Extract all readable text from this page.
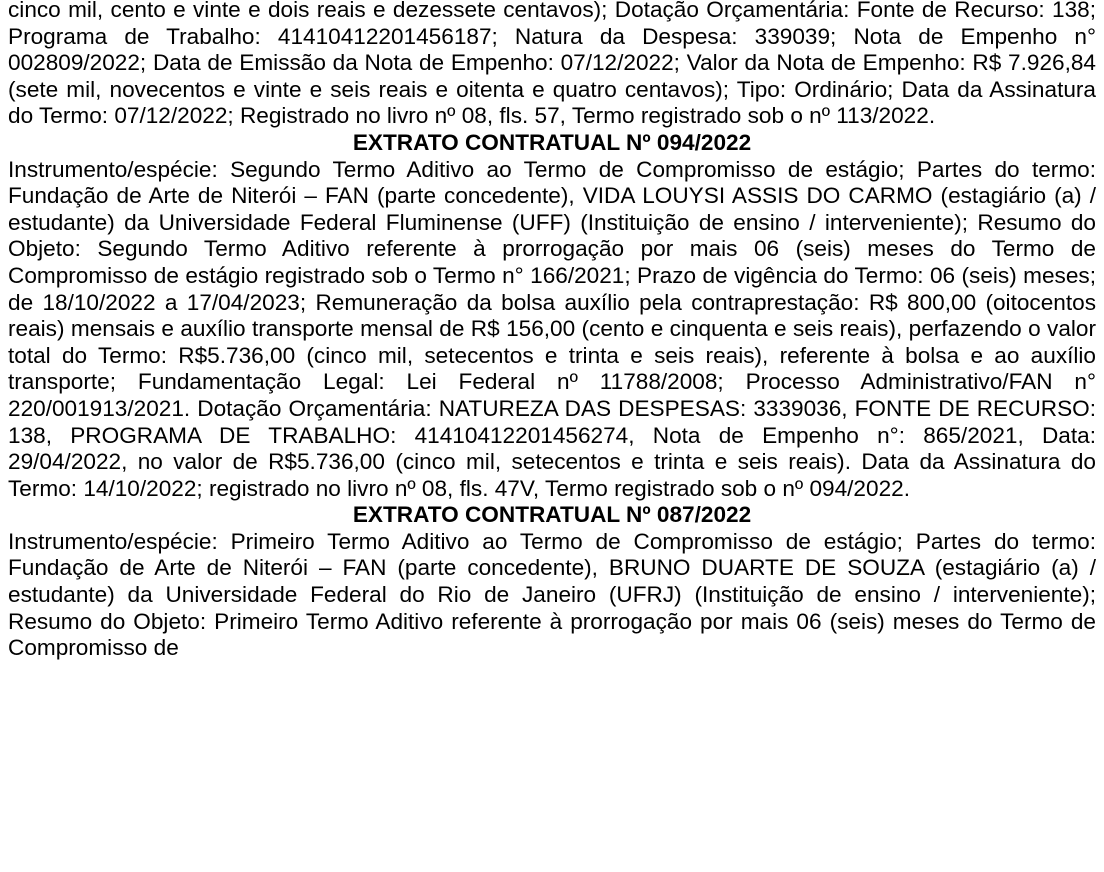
cinco mil, cento e vinte e dois reais e dezessete centavos); Dotação Orçamentária: Fonte de Recurso: 138; Programa de Trabalho: 41410412201456187; Natura da Despesa: 339039; Nota de Empenho n° 002809/2022; Data de Emissão da Nota de Empenho: 07/12/2022; Valor da Nota de Empenho: R$ 7.926,84 (sete mil, novecentos e vinte e seis reais e oitenta e quatro centavos); Tipo: Ordinário; Data da Assinatura do Termo: 07/12/2022; Registrado no livro nº 08, fls. 57, Termo registrado sob o nº 113/2022.

EXTRATO CONTRATUAL Nº 094/2022

Instrumento/espécie: Segundo Termo Aditivo ao Termo de Compromisso de estágio; Partes do termo: Fundação de Arte de Niterói – FAN (parte concedente), VIDA LOUYSI ASSIS DO CARMO (estagiário (a) / estudante) da Universidade Federal Fluminense (UFF) (Instituição de ensino / interveniente); Resumo do Objeto: Segundo Termo Aditivo referente à prorrogação por mais 06 (seis) meses do Termo de Compromisso de estágio registrado sob o Termo n° 166/2021; Prazo de vigência do Termo: 06 (seis) meses; de 18/10/2022 a 17/04/2023; Remuneração da bolsa auxílio pela contraprestação: R$ 800,00 (oitocentos reais) mensais e auxílio transporte mensal de R$ 156,00 (cento e cinquenta e seis reais), perfazendo o valor total do Termo: R$5.736,00 (cinco mil, setecentos e trinta e seis reais), referente à bolsa e ao auxílio transporte; Fundamentação Legal: Lei Federal nº 11788/2008; Processo Administrativo/FAN n° 220/001913/2021. Dotação Orçamentária: NATUREZA DAS DESPESAS: 3339036, FONTE DE RECURSO: 138, PROGRAMA DE TRABALHO: 41410412201456274, Nota de Empenho n°: 865/2021, Data: 29/04/2022, no valor de R$5.736,00 (cinco mil, setecentos e trinta e seis reais). Data da Assinatura do Termo: 14/10/2022; registrado no livro nº 08, fls. 47V, Termo registrado sob o nº 094/2022.

EXTRATO CONTRATUAL Nº 087/2022

Instrumento/espécie: Primeiro Termo Aditivo ao Termo de Compromisso de estágio; Partes do termo: Fundação de Arte de Niterói – FAN (parte concedente), BRUNO DUARTE DE SOUZA (estagiário (a) / estudante) da Universidade Federal do Rio de Janeiro (UFRJ) (Instituição de ensino / interveniente); Resumo do Objeto: Primeiro Termo Aditivo referente à prorrogação por mais 06 (seis) meses do Termo de Compromisso de
